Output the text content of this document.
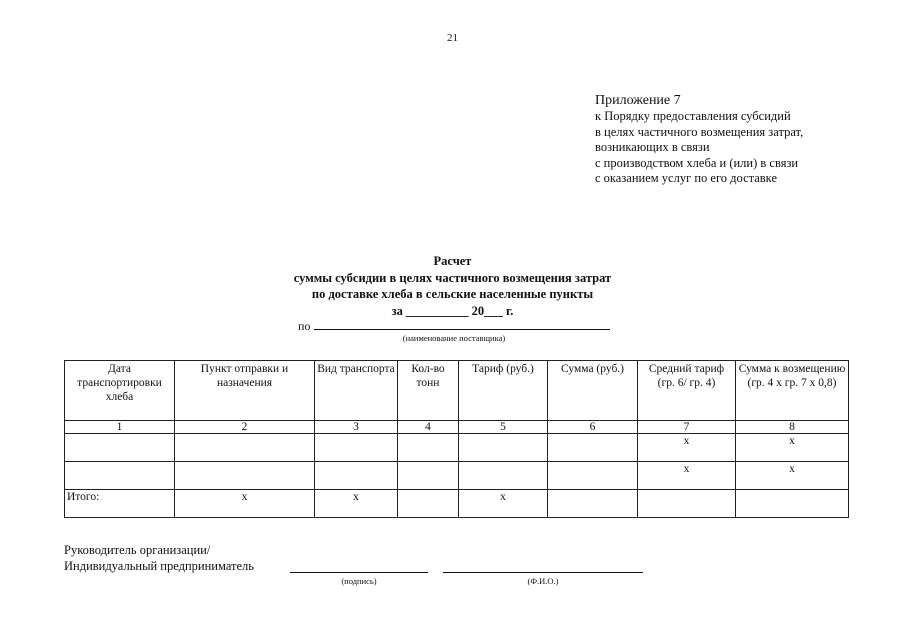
21
Приложение 7
к Порядку предоставления субсидий
в целях частичного возмещения затрат,
возникающих в связи
с производством хлеба и (или) в связи
с оказанием услуг по его доставке
Расчет
суммы субсидии в целях частичного возмещения затрат
по доставке хлеба в сельские населенные пункты
за __________ 20___ г.
по
(наименование поставщика)
Дата транспортировки хлеба	Пункт отправки и назначения	Вид транспорта	Кол-во тонн	Тариф (руб.)	Сумма (руб.)	Средний тариф (гр. 6/ гр. 4)	Сумма к возмещению (гр. 4 х гр. 7 х 0,8)
1	2	3	4	5	6	7	8
						х	х
						х	х
Итого:	х	х		х			
Руководитель организации/
Индивидуальный предприниматель
(подпись)	(Ф.И.О.)
